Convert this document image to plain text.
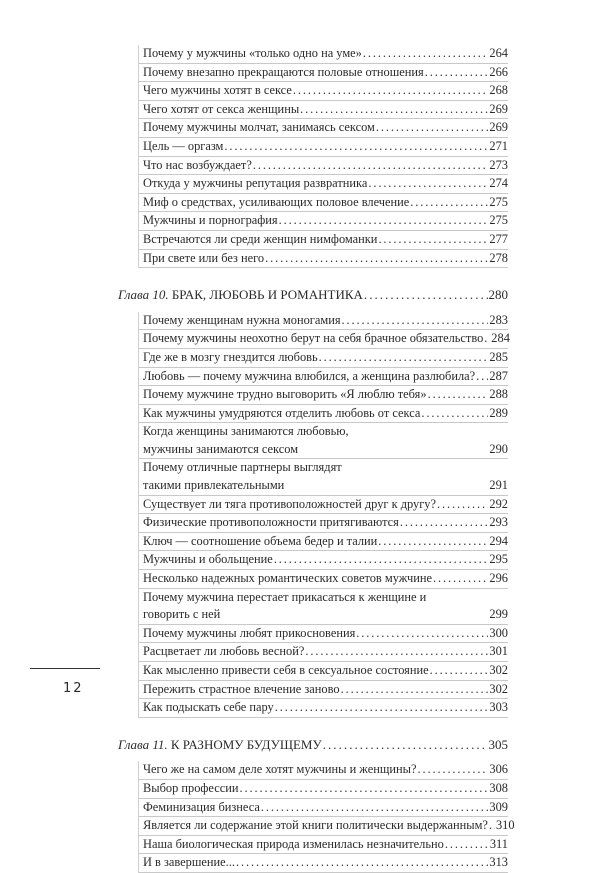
Почему у мужчины «только одно на уме» . . .	264
Почему внезапно прекращаются половые отношения . . .	266
Чего мужчины хотят в сексе . . .	268
Чего хотят от секса женщины . . .	269
Почему мужчины молчат, занимаясь сексом . . .	269
Цель — оргазм . . .	271
Что нас возбуждает? . . .	273
Откуда у мужчины репутация развратника . . .	274
Миф о средствах, усиливающих половое влечение . . .	275
Мужчины и порнография . . .	275
Встречаются ли среди женщин нимфоманки . . .	277
При свете или без него . . .	278
Глава 10.
БРАК, ЛЮБОВЬ И РОМАНТИКА . . .	280
Почему женщинам нужна моногамия . . .	283
Почему мужчины неохотно берут на себя брачное обязательство . . . 284
Где же в мозгу гнездится любовь . . .	285
Любовь — почему мужчина влюбился, а женщина разлюбила? . . . 287
Почему мужчине трудно выговорить «Я люблю тебя» . . .	288
Как мужчины умудряются отделить любовь от секса . . .	289
Когда женщины занимаются любовью, мужчины занимаются сексом	290
Почему отличные партнеры выглядят такими привлекательными	291
Существует ли тяга противоположностей друг к другу? . . .	292
Физические противоположности притягиваются . . .	293
Ключ — соотношение объема бедер и талии . . .	294
Мужчины и обольщение . . .	295
Несколько надежных романтических советов мужчине . . .	296
Почему мужчина перестает прикасаться к женщине и говорить с ней	299
Почему мужчины любят прикосновения . . .	300
Расцветает ли любовь весной? . . .	301
Как мысленно привести себя в сексуальное состояние . . .	302
Пережить страстное влечение заново . . .	302
Как подыскать себе пару . . .	303
Глава 11.
К РАЗНОМУ БУДУЩЕМУ . . .	305
Чего же на самом деле хотят мужчины и женщины? . . .	306
Выбор профессии . . .	308
Феминизация бизнеса . . .	309
Является ли содержание этой книги политически выдержанным? . . . 310
Наша биологическая природа изменилась незначительно . . .	311
И в завершение... . . .	313
12
